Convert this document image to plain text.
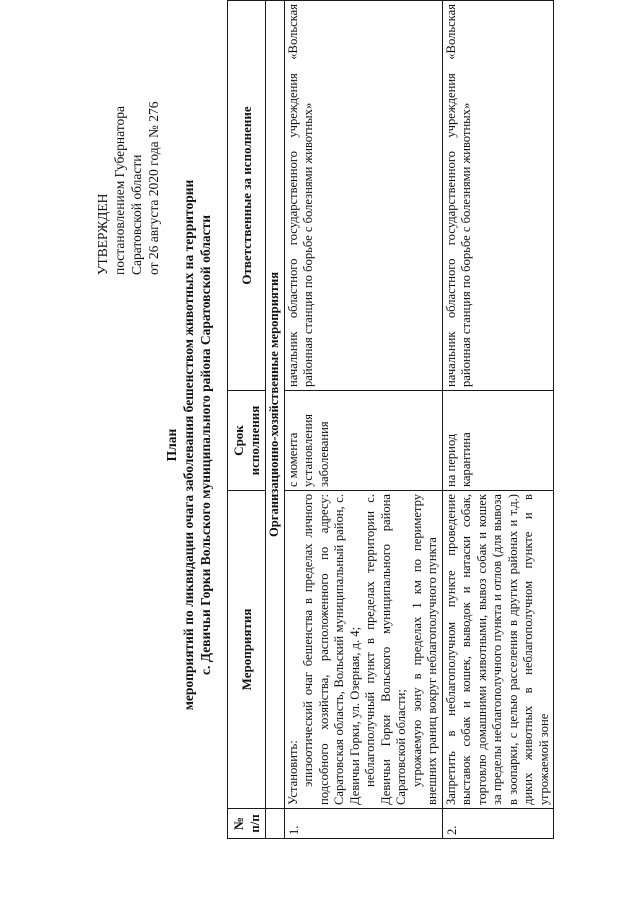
УТВЕРЖДЕН постановлением Губернатора Саратовской области от 26 августа 2020 года № 276
План мероприятий по ликвидации очага заболевания бешенством животных на территории с. Девичьи Горки Вольского муниципального района Саратовской области
№ п/п	Мероприятия	Срок исполнения	Ответственные за исполнение
	Организационно-хозяйственные мероприятия		
1.	Установить: эпизоотический очаг бешенства в пределах личного подсобного хозяйства, расположенного по адресу: Саратовская область, Вольский муниципальный район, с. Девичьи Горки, ул. Озерная, д. 4; неблагополучный пункт в пределах территории с. Девичьи Горки Вольского муниципального района Саратовской области; угрожаемую зону в пределах 1 км по периметру внешних границ вокруг неблагополучного пункта	с момента установления заболевания	начальник областного государственного учреждения «Вольская районная станция по борьбе с болезнями животных»
2.	Запретить в неблагополучном пункте проведение выставок собак и кошек, выводок и натаски собак, торговлю домашними животными, вывоз собак и кошек за пределы неблагополучного пункта и отлов (для вывоза в зоопарки, с целью расселения в других районах и т.д.) диких животных в неблагополучном пункте и в угрожаемой зоне	на период карантина	начальник областного государственного учреждения «Вольская районная станция по борьбе с болезнями животных»
